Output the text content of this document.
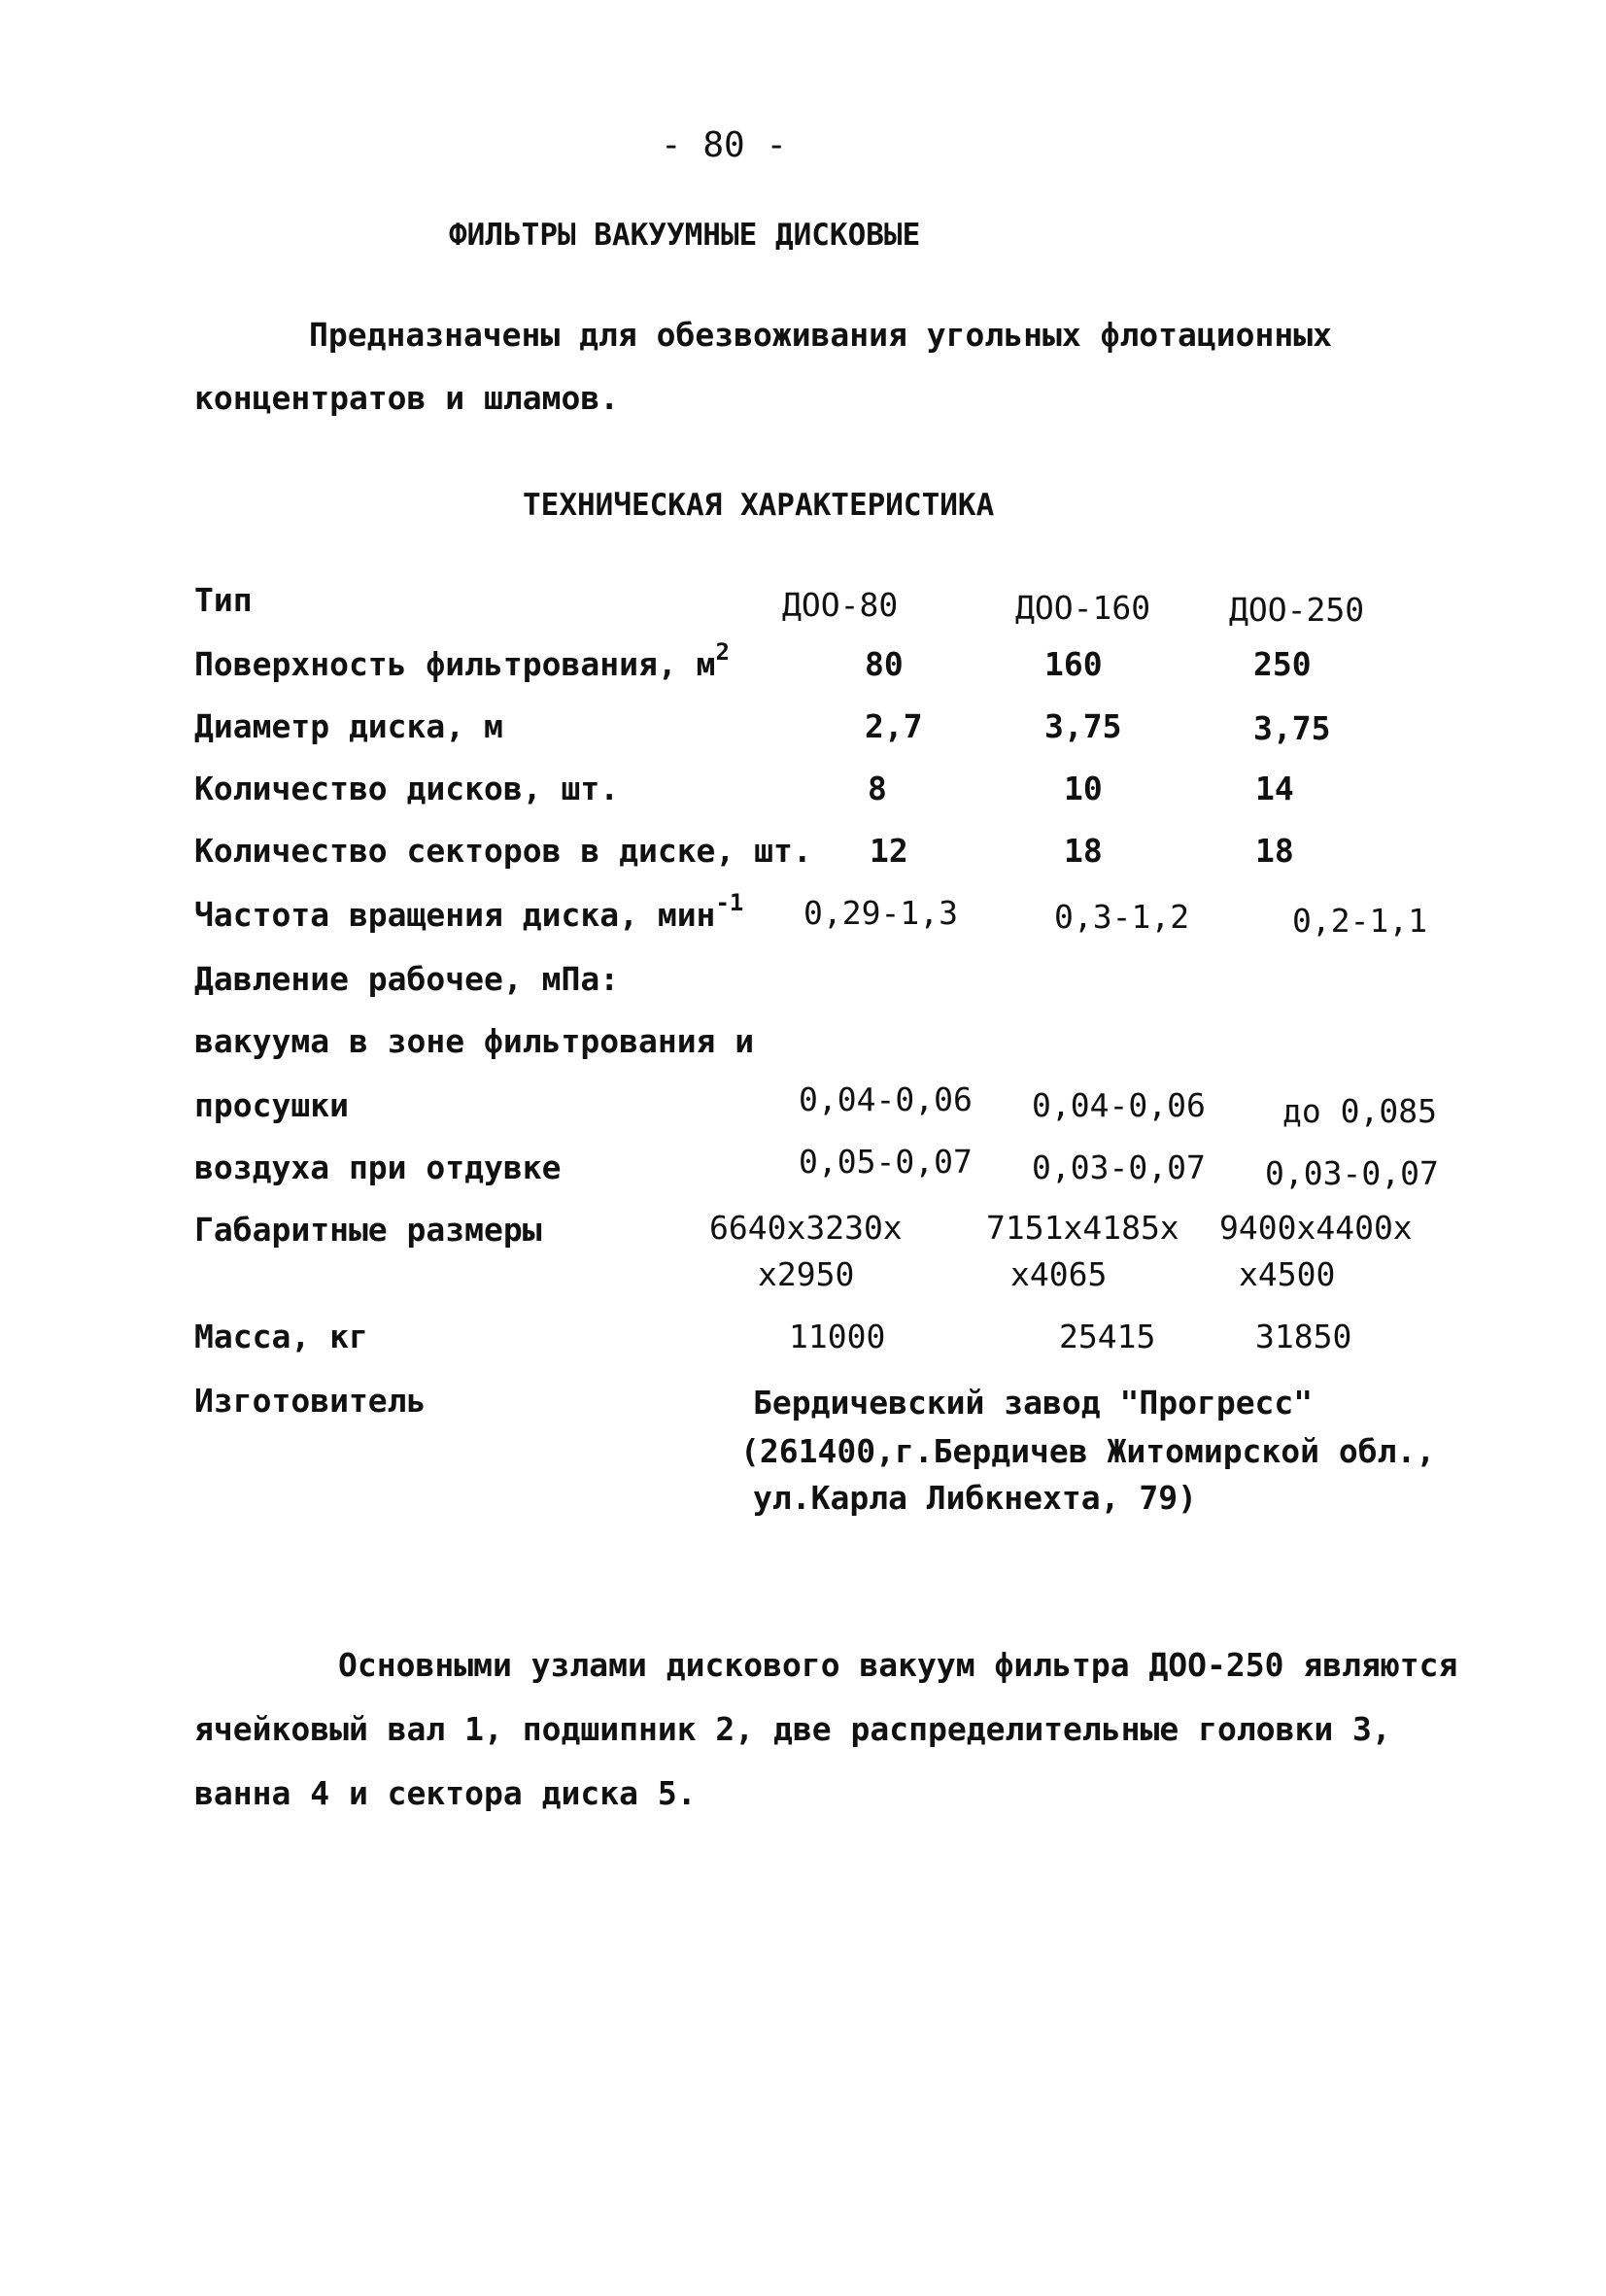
- 80 -
ФИЛЬТРЫ ВАКУУМНЫЕ ДИСКОВЫЕ
Предназначены для обезвоживания угольных флотационных
концентратов и шламов.
ТЕХНИЧЕСКАЯ ХАРАКТЕРИСТИКА
Тип	ДОО-80	ДОО-160 ДОО-250
Поверхность фильтрования, $м^2$	80	160	250
Диаметр диска, м	2,7	3,75	3,75
Количество дисков, шт.	8	10	14
Количество секторов в диске, шт. 12	18	18
Частота вращения диска, мин$^{-1}$ 0,29-1,3	0,3-1,2	0,2-1,1
Давление рабочее, мПа:
вакуума в зоне фильтрования и
просушки	0,04-0,06 0,04-0,06 до 0,085
воздуха при отдувке	0,05-0,07 0,03-0,07 0,03-0,07
Габаритные размеры	6640х3230х	7151х4185х 9400х4400х
х2950	х4065	х4500
Масса, кг	11000	25415	31850
Изготовитель	Бердичевский завод "Прогресс"
(261400,г.Бердичев Житомирской обл.,
ул.Карла Либкнехта, 79)
Основными узлами дискового вакуум фильтра ДОО-250 являются
ячейковый вал 1, подшипник 2, две распределительные головки 3,
ванна 4 и сектора диска 5.
